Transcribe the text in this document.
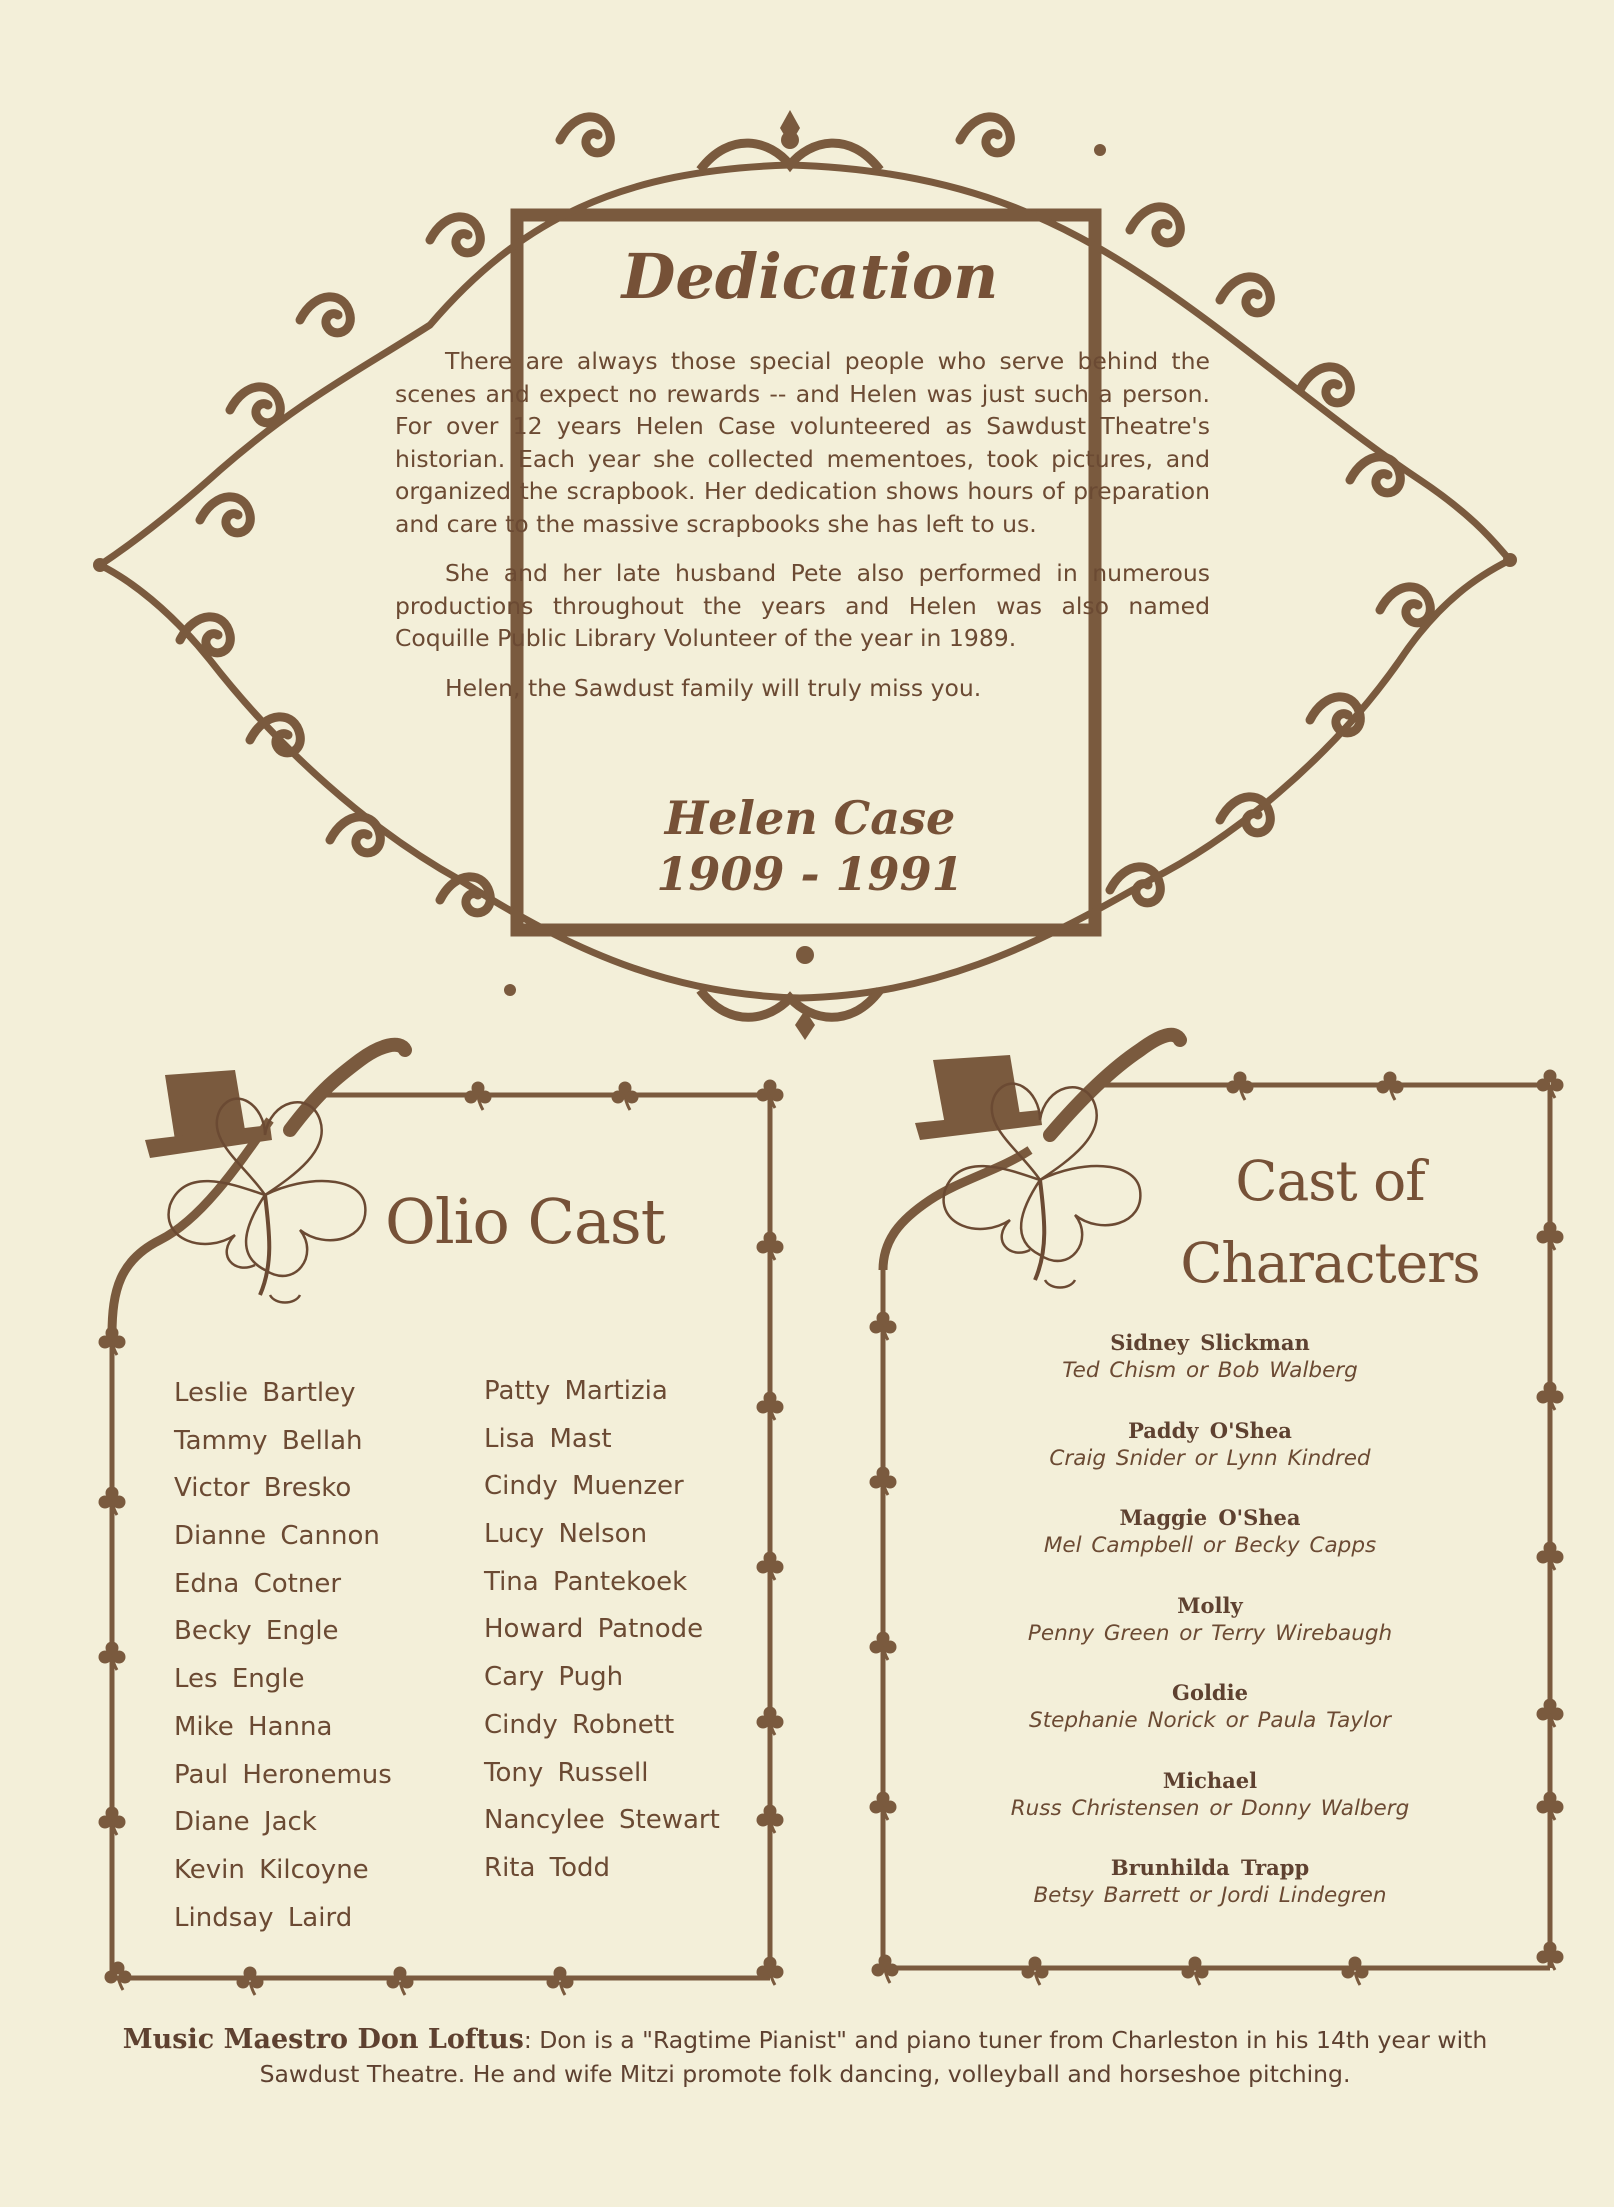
Dedication

There are always those special people who serve behind the scenes and expect no rewards -- and Helen was just such a person. For over 12 years Helen Case volunteered as Sawdust Theatre's historian. Each year she collected mementoes, took pictures, and organized the scrapbook. Her dedication shows hours of preparation and care to the massive scrapbooks she has left to us.

She and her late husband Pete also performed in numerous productions throughout the years and Helen was also named Coquille Public Library Volunteer of the year in 1989.

Helen, the Sawdust family will truly miss you.

Helen Case
1909 - 1991
Olio Cast
Leslie Bartley
Tammy Bellah
Victor Bresko
Dianne Cannon
Edna Cotner
Becky Engle
Les Engle
Mike Hanna
Paul Heronemus
Diane Jack
Kevin Kilcoyne
Lindsay Laird
Patty Martizia
Lisa Mast
Cindy Muenzer
Lucy Nelson
Tina Pantekoek
Howard Patnode
Cary Pugh
Cindy Robnett
Tony Russell
Nancylee Stewart
Rita Todd
Cast of
Characters
Sidney Slickman
Ted Chism or Bob Walberg
Paddy O'Shea
Craig Snider or Lynn Kindred
Maggie O'Shea
Mel Campbell or Becky Capps
Molly
Penny Green or Terry Wirebaugh
Goldie
Stephanie Norick or Paula Taylor
Michael
Russ Christensen or Donny Walberg
Brunhilda Trapp
Betsy Barrett or Jordi Lindegren
Music Maestro Don Loftus: Don is a "Ragtime Pianist" and piano tuner from Charleston in his 14th year with Sawdust Theatre. He and wife Mitzi promote folk dancing, volleyball and horseshoe pitching.
